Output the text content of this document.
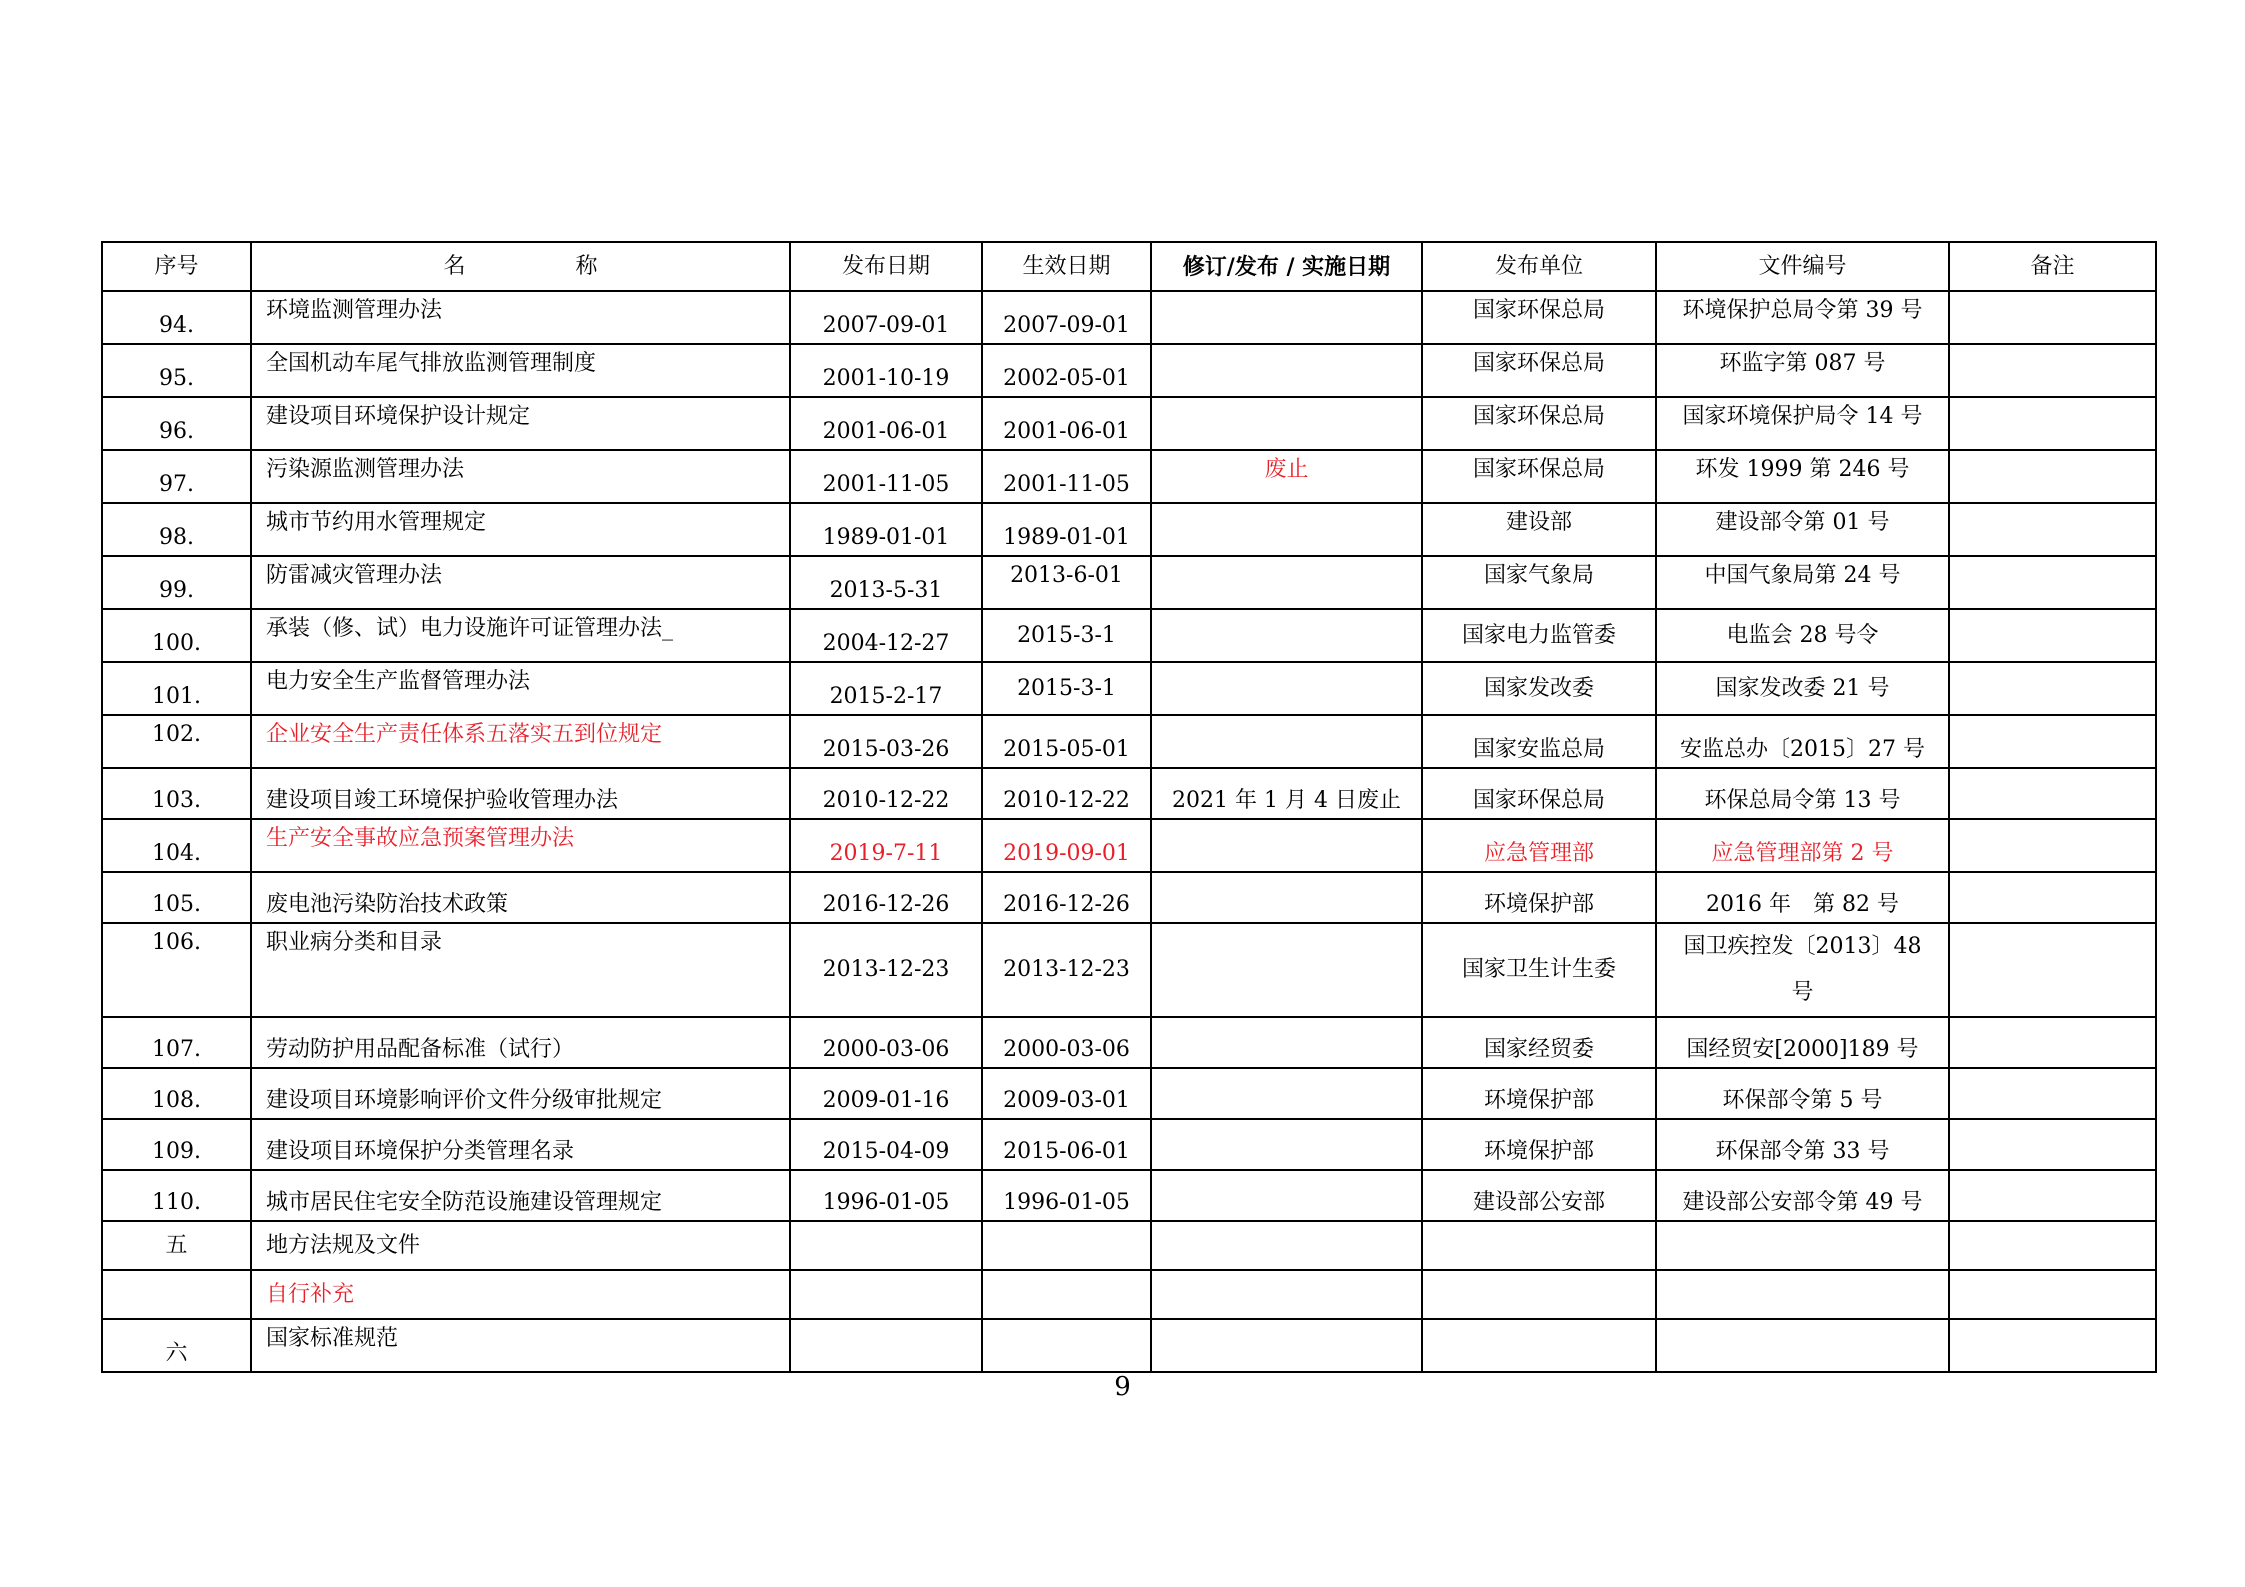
序号	名　　　　　称	发布日期	生效日期	修订/发布 / 实施日期	发布单位	文件编号	备注
94.	环境监测管理办法	2007-09-01	2007-09-01		国家环保总局	环境保护总局令第 39 号	
95.	全国机动车尾气排放监测管理制度	2001-10-19	2002-05-01		国家环保总局	环监字第 087 号	
96.	建设项目环境保护设计规定	2001-06-01	2001-06-01		国家环保总局	国家环境保护局令 14 号	
97.	污染源监测管理办法	2001-11-05	2001-11-05	废止	国家环保总局	环发 1999 第 246 号	
98.	城市节约用水管理规定	1989-01-01	1989-01-01		建设部	建设部令第 01 号	
99.	防雷减灾管理办法	2013-5-31	2013-6-01		国家气象局	中国气象局第 24 号	
100.	承装（修、试）电力设施许可证管理办法_	2004-12-27	2015-3-1		国家电力监管委	电监会 28 号令	
101.	电力安全生产监督管理办法	2015-2-17	2015-3-1		国家发改委	国家发改委 21 号	
102.	企业安全生产责任体系五落实五到位规定	2015-03-26	2015-05-01		国家安监总局	安监总办〔2015〕27 号	
103.	建设项目竣工环境保护验收管理办法	2010-12-22	2010-12-22	2021 年 1 月 4 日废止	国家环保总局	环保总局令第 13 号	
104.	生产安全事故应急预案管理办法	2019-7-11	2019-09-01		应急管理部	应急管理部第 2 号	
105.	废电池污染防治技术政策	2016-12-26	2016-12-26		环境保护部	2016 年　第 82 号	
106.	职业病分类和目录	2013-12-23	2013-12-23		国家卫生计生委	国卫疾控发〔2013〕48 号	
107.	劳动防护用品配备标准（试行）	2000-03-06	2000-03-06		国家经贸委	国经贸安[2000]189 号	
108.	建设项目环境影响评价文件分级审批规定	2009-01-16	2009-03-01		环境保护部	环保部令第 5 号	
109.	建设项目环境保护分类管理名录	2015-04-09	2015-06-01		环境保护部	环保部令第 33 号	
110.	城市居民住宅安全防范设施建设管理规定	1996-01-05	1996-01-05		建设部公安部	建设部公安部令第 49 号	
五	地方法规及文件						
	自行补充						
六	国家标准规范						
9
